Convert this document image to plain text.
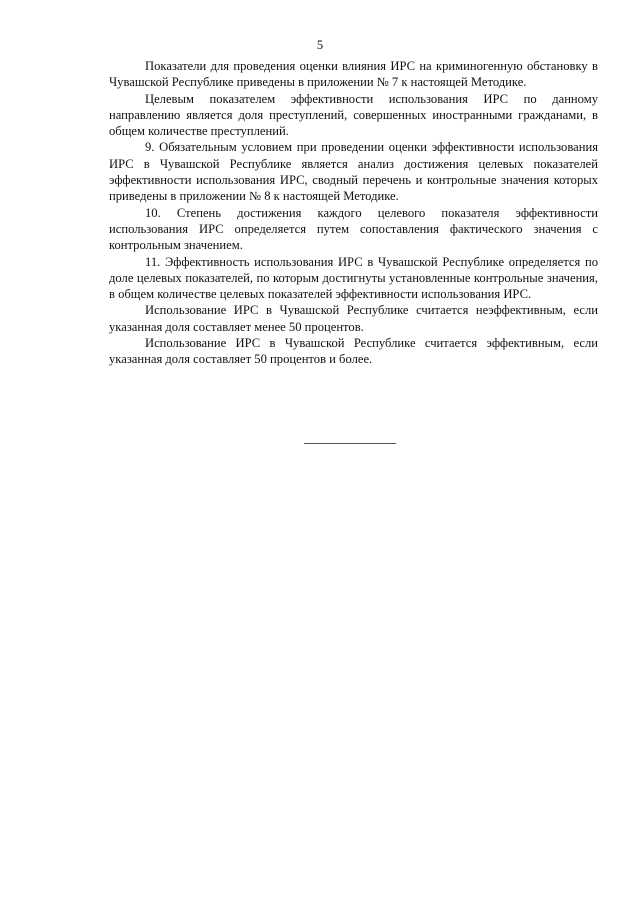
5

Показатели для проведения оценки влияния ИРС на криминогенную обстановку в Чувашской Республике приведены в приложении № 7 к настоящей Методике.

Целевым показателем эффективности использования ИРС по данному направлению является доля преступлений, совершенных иностранными гражданами, в общем количестве преступлений.

9. Обязательным условием при проведении оценки эффективности использования ИРС в Чувашской Республике является анализ достижения целевых показателей эффективности использования ИРС, сводный перечень и контрольные значения которых приведены в приложении № 8 к настоящей Методике.

10. Степень достижения каждого целевого показателя эффективности использования ИРС определяется путем сопоставления фактического значения с контрольным значением.

11. Эффективность использования ИРС в Чувашской Республике определяется по доле целевых показателей, по которым достигнуты установленные контрольные значения, в общем количестве целевых показателей эффективности использования ИРС.

Использование ИРС в Чувашской Республике считается неэффективным, если указанная доля составляет менее 50 процентов.

Использование ИРС в Чувашской Республике считается эффективным, если указанная доля составляет 50 процентов и более.
